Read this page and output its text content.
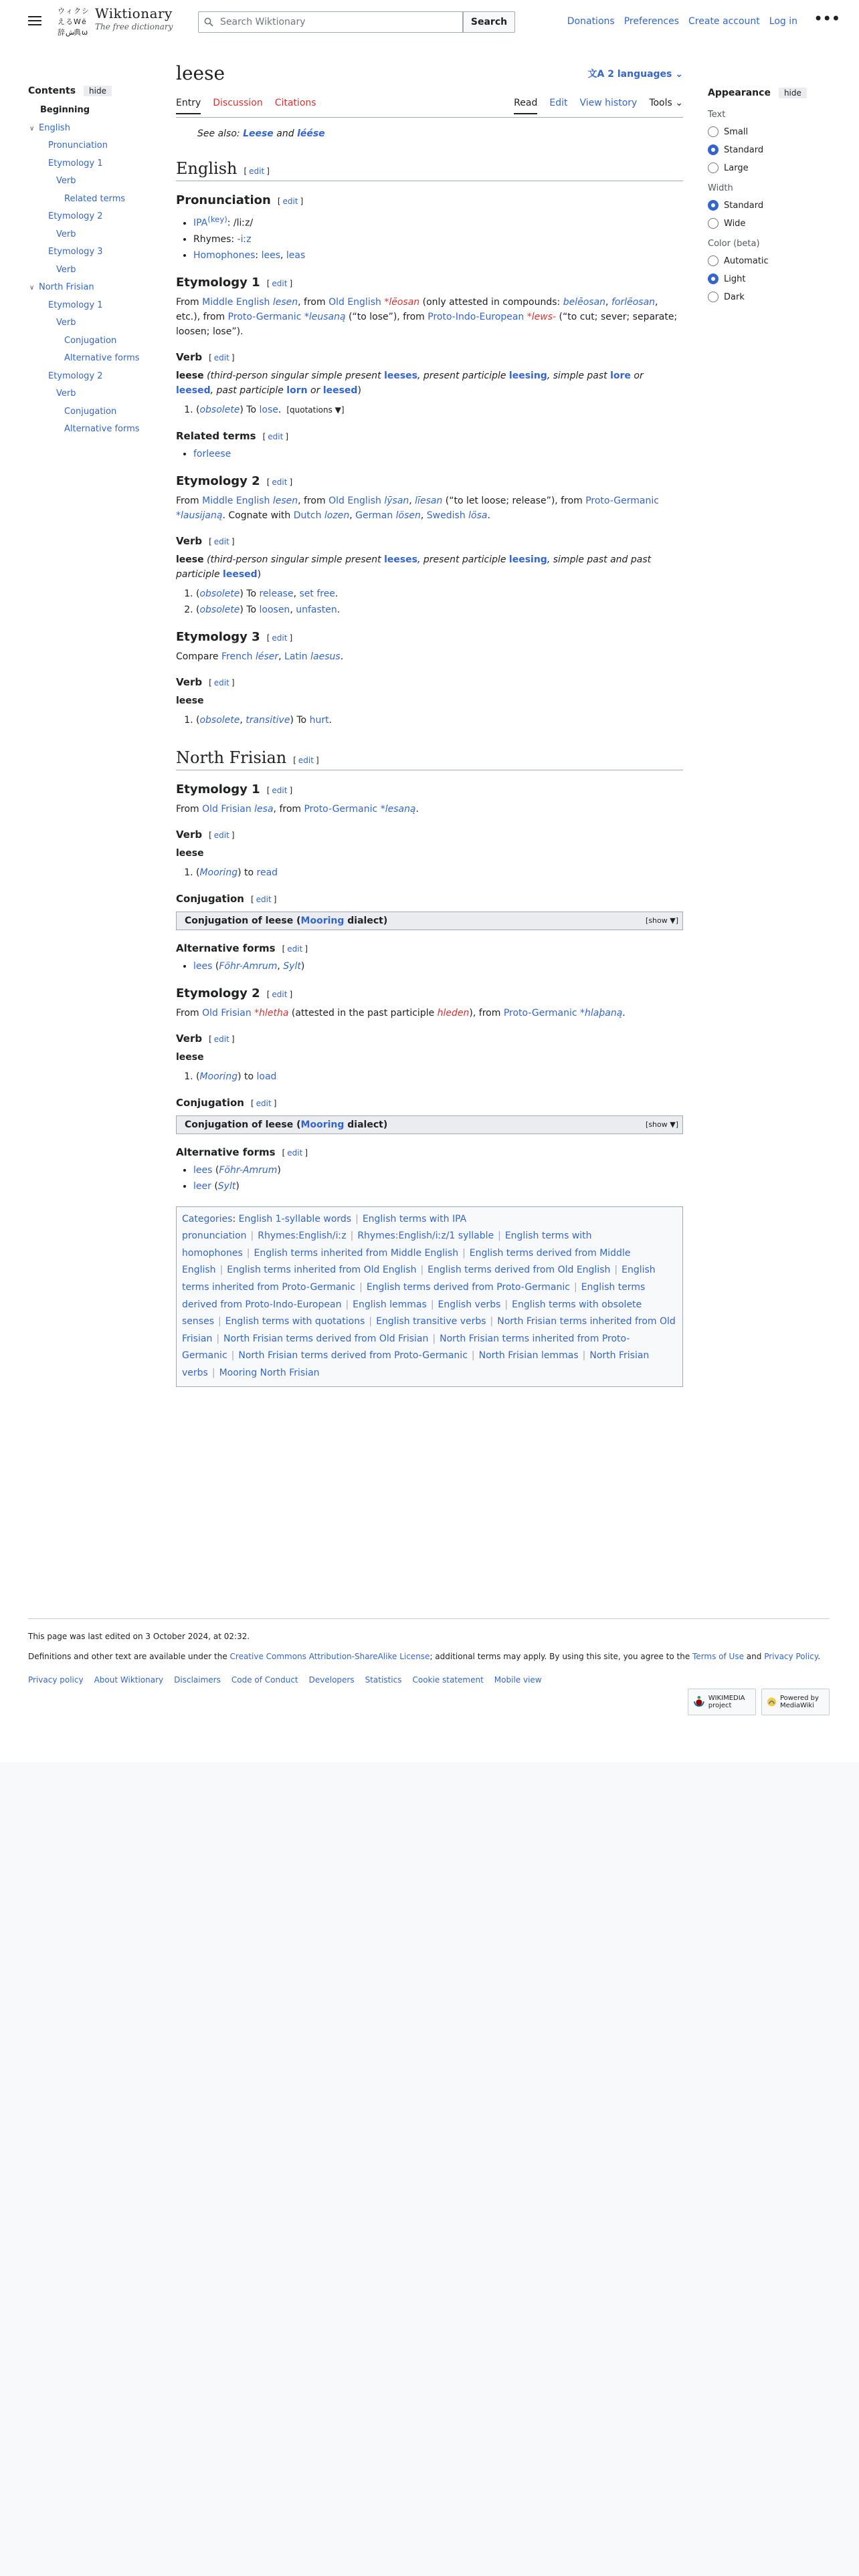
ウ ィ ク シ
え る W ё
辞 ش
典 ω
Wiktionary
The free dictionary	Search Wiktionary	Search	Donations Preferences Create account Log in •••
Contents	hide
Beginning
∨ English
Pronunciation
Etymology 1
Verb
Related terms
Etymology 2
Verb
Etymology 3
Verb
∨ North Frisian
Etymology 1
Verb
Conjugation
Alternative forms
Etymology 2
Verb
Conjugation
Alternative forms
leese	文A 2 languages ⌄
Entry Discussion Citations	Read Edit View history Tools ⌄
See also: Leese and léése
English [ edit ]
Pronunciation [ edit ]
• $IPA^{(key)}$: /liːz/
• Rhymes: -iːz
• Homophones: lees, leas
Etymology 1 [ edit ]

From Middle English lesen, from Old English *lēosan (only attested in compounds: belēosan, forlēosan, etc.), from Proto-Germanic *leusaną (“to lose”), from Proto-Indo-European *lews- (“to cut; sever; separate; loosen; lose”).

Verb [ edit ]

leese (third-person singular simple present leeses, present participle leesing, simple past lore or leesed, past participle lorn or leesed)

1. (obsolete) To lose. [quotations ▼]
Related terms [ edit ]
• forleese
Etymology 2 [ edit ]

From Middle English lesen, from Old English lȳsan, līesan (“to let loose; release”), from Proto-Germanic *lausijaną. Cognate with Dutch lozen, German lösen, Swedish lösa.

Verb [ edit ]

leese (third-person singular simple present leeses, present participle leesing, simple past and past participle leesed)

1. (obsolete) To release, set free.
2. (obsolete) To loosen, unfasten.
Etymology 3 [ edit ]

Compare French léser, Latin laesus.

Verb [ edit ]

leese

1. (obsolete, transitive) To hurt.
North Frisian [ edit ]
Etymology 1 [ edit ]

From Old Frisian lesa, from Proto-Germanic *lesaną.

Verb [ edit ]

leese

1. (Mooring) to read
Conjugation [ edit ]
Conjugation of leese (Mooring dialect)	[show ▼]
Alternative forms [ edit ]
• lees (Föhr-Amrum, Sylt)
Etymology 2 [ edit ]

From Old Frisian *hletha (attested in the past participle hleden), from Proto-Germanic *hlaþaną.

Verb [ edit ]

leese

1. (Mooring) to load
Conjugation [ edit ]
Conjugation of leese (Mooring dialect)	[show ▼]
Alternative forms [ edit ]
• lees (Föhr-Amrum)
• leer (Sylt)
Categories: English 1-syllable words | English terms with IPA pronunciation | Rhymes:English/iːz | Rhymes:English/iːz/1 syllable | English terms with homophones | English terms inherited from Middle English | English terms derived from Middle English | English terms inherited from Old English | English terms derived from Old English | English terms inherited from Proto-Germanic | English terms derived from Proto-Germanic | English terms derived from Proto-Indo-European | English lemmas | English verbs | English terms with obsolete senses | English terms with quotations | English transitive verbs | North Frisian terms inherited from Old Frisian | North Frisian terms derived from Old Frisian | North Frisian terms inherited from Proto-Germanic | North Frisian terms derived from Proto-Germanic | North Frisian lemmas | North Frisian verbs | Mooring North Frisian
Appearance	hide
Text
Small
Standard
Large
Width
Standard
Wide
Color (beta)
Automatic
Light
Dark

This page was last edited on 3 October 2024, at 02:32.

Definitions and other text are available under the Creative Commons Attribution-ShareAlike License; additional terms may apply. By using this site, you agree to the Terms of Use and Privacy Policy.

Privacy policy About Wiktionary Disclaimers Code of Conduct Developers Statistics Cookie statement Mobile view
WIKIMEDIA project
Powered by MediaWiki
